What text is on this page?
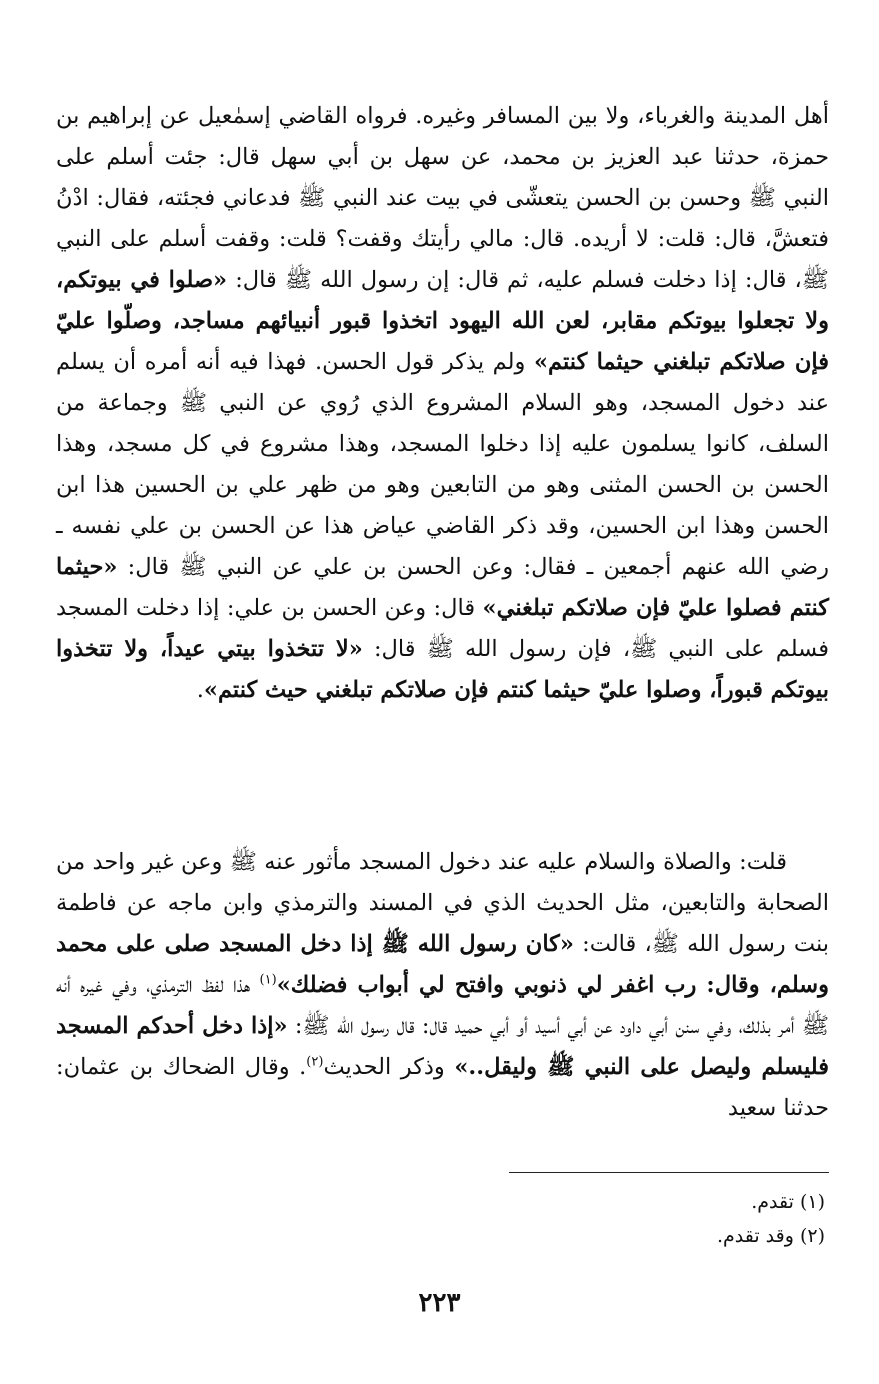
أهل المدينة والغرباء، ولا بين المسافر وغيره. فرواه القاضي إسمٰعيل عن إبراهيم بن حمزة، حدثنا عبد العزيز بن محمد، عن سهل بن أبي سهل قال: جئت أسلم على النبي ﷺ وحسن بن الحسن يتعشّى في بيت عند النبي ﷺ فدعاني فجئته، فقال: ادْنُ فتعشَّ، قال: قلت: لا أريده. قال: مالي رأيتك وقفت؟ قلت: وقفت أسلم على النبي ﷺ، قال: إذا دخلت فسلم عليه، ثم قال: إن رسول الله ﷺ قال: «صلوا في بيوتكم، ولا تجعلوا بيوتكم مقابر، لعن الله اليهود اتخذوا قبور أنبيائهم مساجد، وصلّوا عليّ فإن صلاتكم تبلغني حيثما كنتم» ولم يذكر قول الحسن. فهذا فيه أنه أمره أن يسلم عند دخول المسجد، وهو السلام المشروع الذي رُوي عن النبي ﷺ وجماعة من السلف، كانوا يسلمون عليه إذا دخلوا المسجد، وهذا مشروع في كل مسجد، وهذا الحسن بن الحسن المثنى وهو من التابعين وهو من ظهر علي بن الحسين هذا ابن الحسن وهذا ابن الحسين، وقد ذكر القاضي عياض هذا عن الحسن بن علي نفسه ـ رضي الله عنهم أجمعين ـ فقال: وعن الحسن بن علي عن النبي ﷺ قال: «حيثما كنتم فصلوا عليّ فإن صلاتكم تبلغني» قال: وعن الحسن بن علي: إذا دخلت المسجد فسلم على النبي ﷺ، فإن رسول الله ﷺ قال: «لا تتخذوا بيتي عيداً، ولا تتخذوا بيوتكم قبوراً، وصلوا عليّ حيثما كنتم فإن صلاتكم تبلغني حيث كنتم».
قلت: والصلاة والسلام عليه عند دخول المسجد مأثور عنه ﷺ وعن غير واحد من الصحابة والتابعين، مثل الحديث الذي في المسند والترمذي وابن ماجه عن فاطمة بنت رسول الله ﷺ، قالت: «كان رسول الله ﷺ إذا دخل المسجد صلى على محمد وسلم، وقال: رب اغفر لي ذنوبي وافتح لي أبواب فضلك»$^{(١)}$ هذا لفظ الترمذي، وفي غيره أنه ﷺ أمر بذلك، وفي سنن أبي داود عن أبي أسيد أو أبي حميد قال: قال رسول الله ﷺ: «إذا دخل أحدكم المسجد فليسلم وليصل على النبي ﷺ وليقل..» وذكر الحديث$^{(٢)}$. وقال الضحاك بن عثمان: حدثنا سعيد
(١) تقدم.
(٢) وقد تقدم.
٢٢٣
